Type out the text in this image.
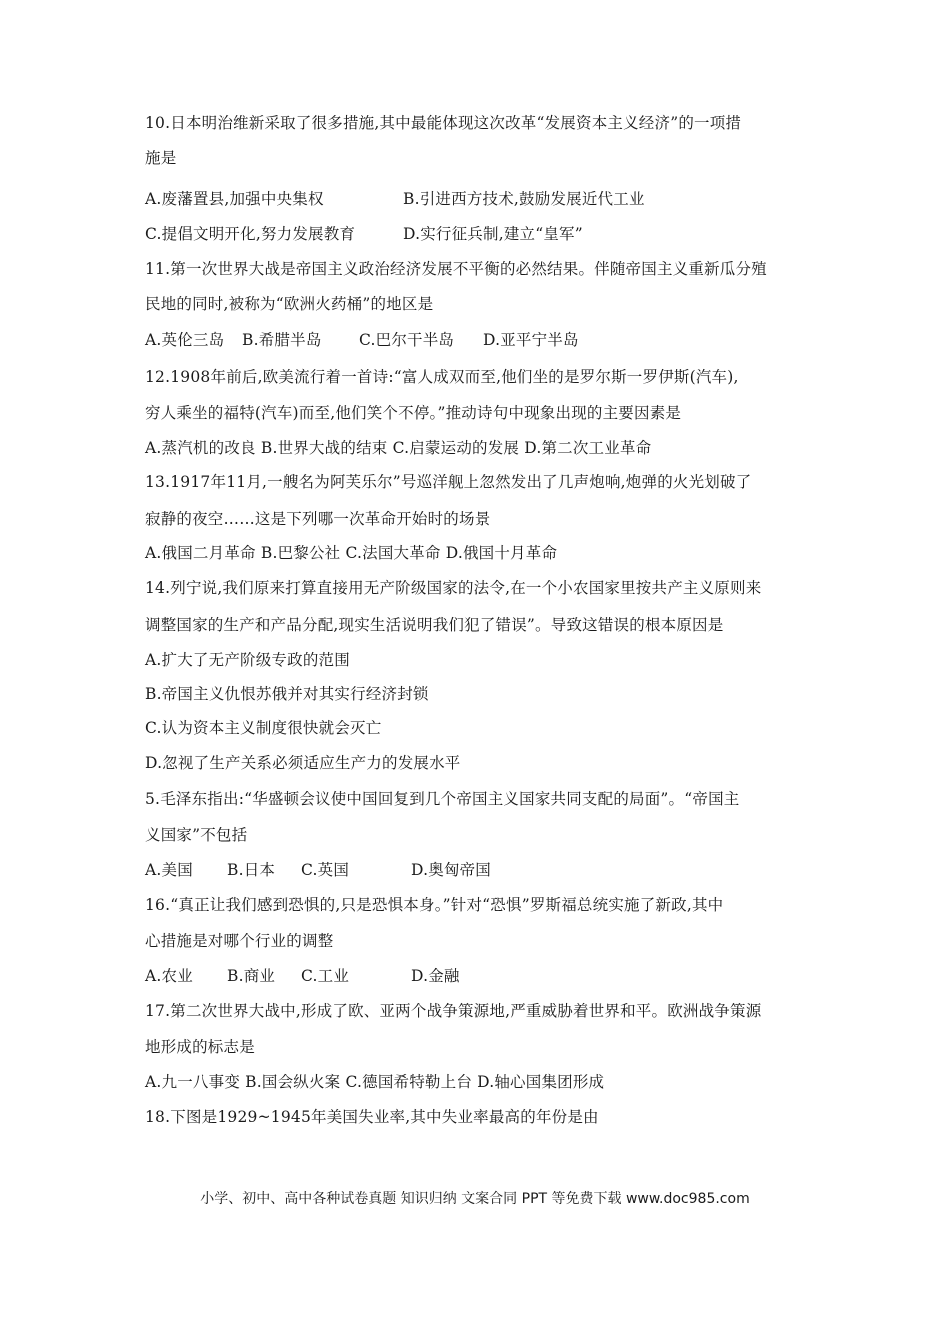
10.日本明治维新采取了很多措施,其中最能体现这次改革“发展资本主义经济”的一项措
施是
A.废藩置县,加强中央集权	B.引进西方技术,鼓励发展近代工业
C.提倡文明开化,努力发展教育	D.实行征兵制,建立“皇军”
11.第一次世界大战是帝国主义政治经济发展不平衡的必然结果。伴随帝国主义重新瓜分殖
民地的同时,被称为“欧洲火药桶”的地区是
A.英伦三岛 B.希腊半岛 C.巴尔干半岛 D.亚平宁半岛
12.1908年前后,欧美流行着一首诗:“富人成双而至,他们坐的是罗尔斯一罗伊斯(汽车),
穷人乘坐的福特(汽车)而至,他们笑个不停。”推动诗句中现象出现的主要因素是
A.蒸汽机的改良 B.世界大战的结束 C.启蒙运动的发展 D.第二次工业革命
13.1917年11月,一艘名为阿芙乐尔”号巡洋舰上忽然发出了几声炮响,炮弹的火光划破了
寂静的夜空……这是下列哪一次革命开始时的场景
A.俄国二月革命 B.巴黎公社 C.法国大革命 D.俄国十月革命
14.列宁说,我们原来打算直接用无产阶级国家的法令,在一个小农国家里按共产主义原则来
调整国家的生产和产品分配,现实生活说明我们犯了错误”。导致这错误的根本原因是
A.扩大了无产阶级专政的范围
B.帝国主义仇恨苏俄并对其实行经济封锁
C.认为资本主义制度很快就会灭亡
D.忽视了生产关系必须适应生产力的发展水平
5.毛泽东指出:“华盛顿会议使中国回复到几个帝国主义国家共同支配的局面”。“帝国主
义国家”不包括
A.美国 B.日本 C.英国	D.奥匈帝国
16.“真正让我们感到恐惧的,只是恐惧本身。”针对“恐惧”罗斯福总统实施了新政,其中
心措施是对哪个行业的调整
A.农业 B.商业 C.工业	D.金融
17.第二次世界大战中,形成了欧、亚两个战争策源地,严重威胁着世界和平。欧洲战争策源
地形成的标志是
A.九一八事变 B.国会纵火案 C.德国希特勒上台 D.轴心国集团形成
18.下图是1929~1945年美国失业率,其中失业率最高的年份是由
小学、初中、高中各种试卷真题 知识归纳 文案合同 PPT 等免费下载 www.doc985.com
